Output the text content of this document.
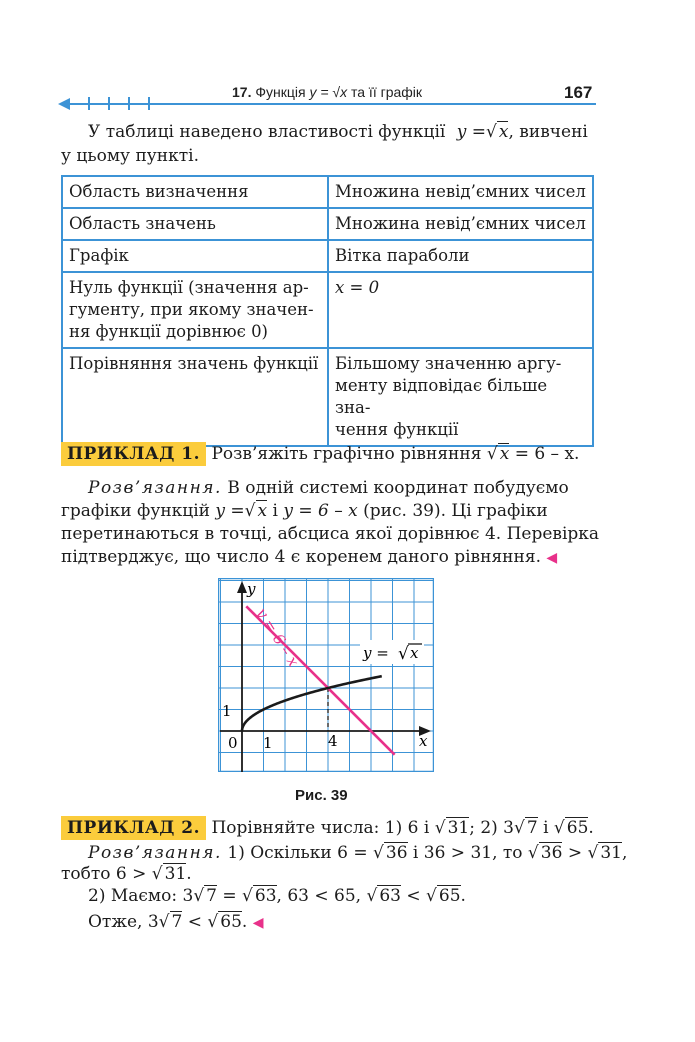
17. Функція y = √x та її графік	167
У таблиці наведено властивості функції y =√ x, вивчені
у цьому пункті.
Область визначення	Множина невід’ємних чисел
Область значень	Множина невід’ємних чисел
Графік	Вітка параболи
Нуль функції (значення ар-
гументу, при якому значен-
ня функції дорівнює 0)	x = 0
Порівняння значень функції	Більшому значенню аргу-
менту відповідає більше зна-
чення функції
ПРИКЛАД 1. Розв’яжіть графічно рівняння √ x = 6 – x.
Розв’язання. В одній системі координат побудуємо
графіки функцій y =√ x і y = 6 – x (рис. 39). Ці графіки
перетинаються в точці, абсциса якої дорівнює 4. Перевірка
підтверджує, що число 4 є коренем даного рівняння. ◀
y
x
0 1	4
1
y = 6 – x	y = √ x
Рис. 39
ПРИКЛАД 2. Порівняйте числа: 1) 6 і √ 31; 2) 3√ 7 і √ 65.
Розв’язання. 1) Оскільки 6 = √ 36 і 36 > 31, то √ 36 > √ 31,
тобто 6 > √ 31.
2) Маємо: 3√ 7 = √ 63, 63 < 65, √ 63 < √ 65.
Отже, 3√ 7 < √ 65. ◀
